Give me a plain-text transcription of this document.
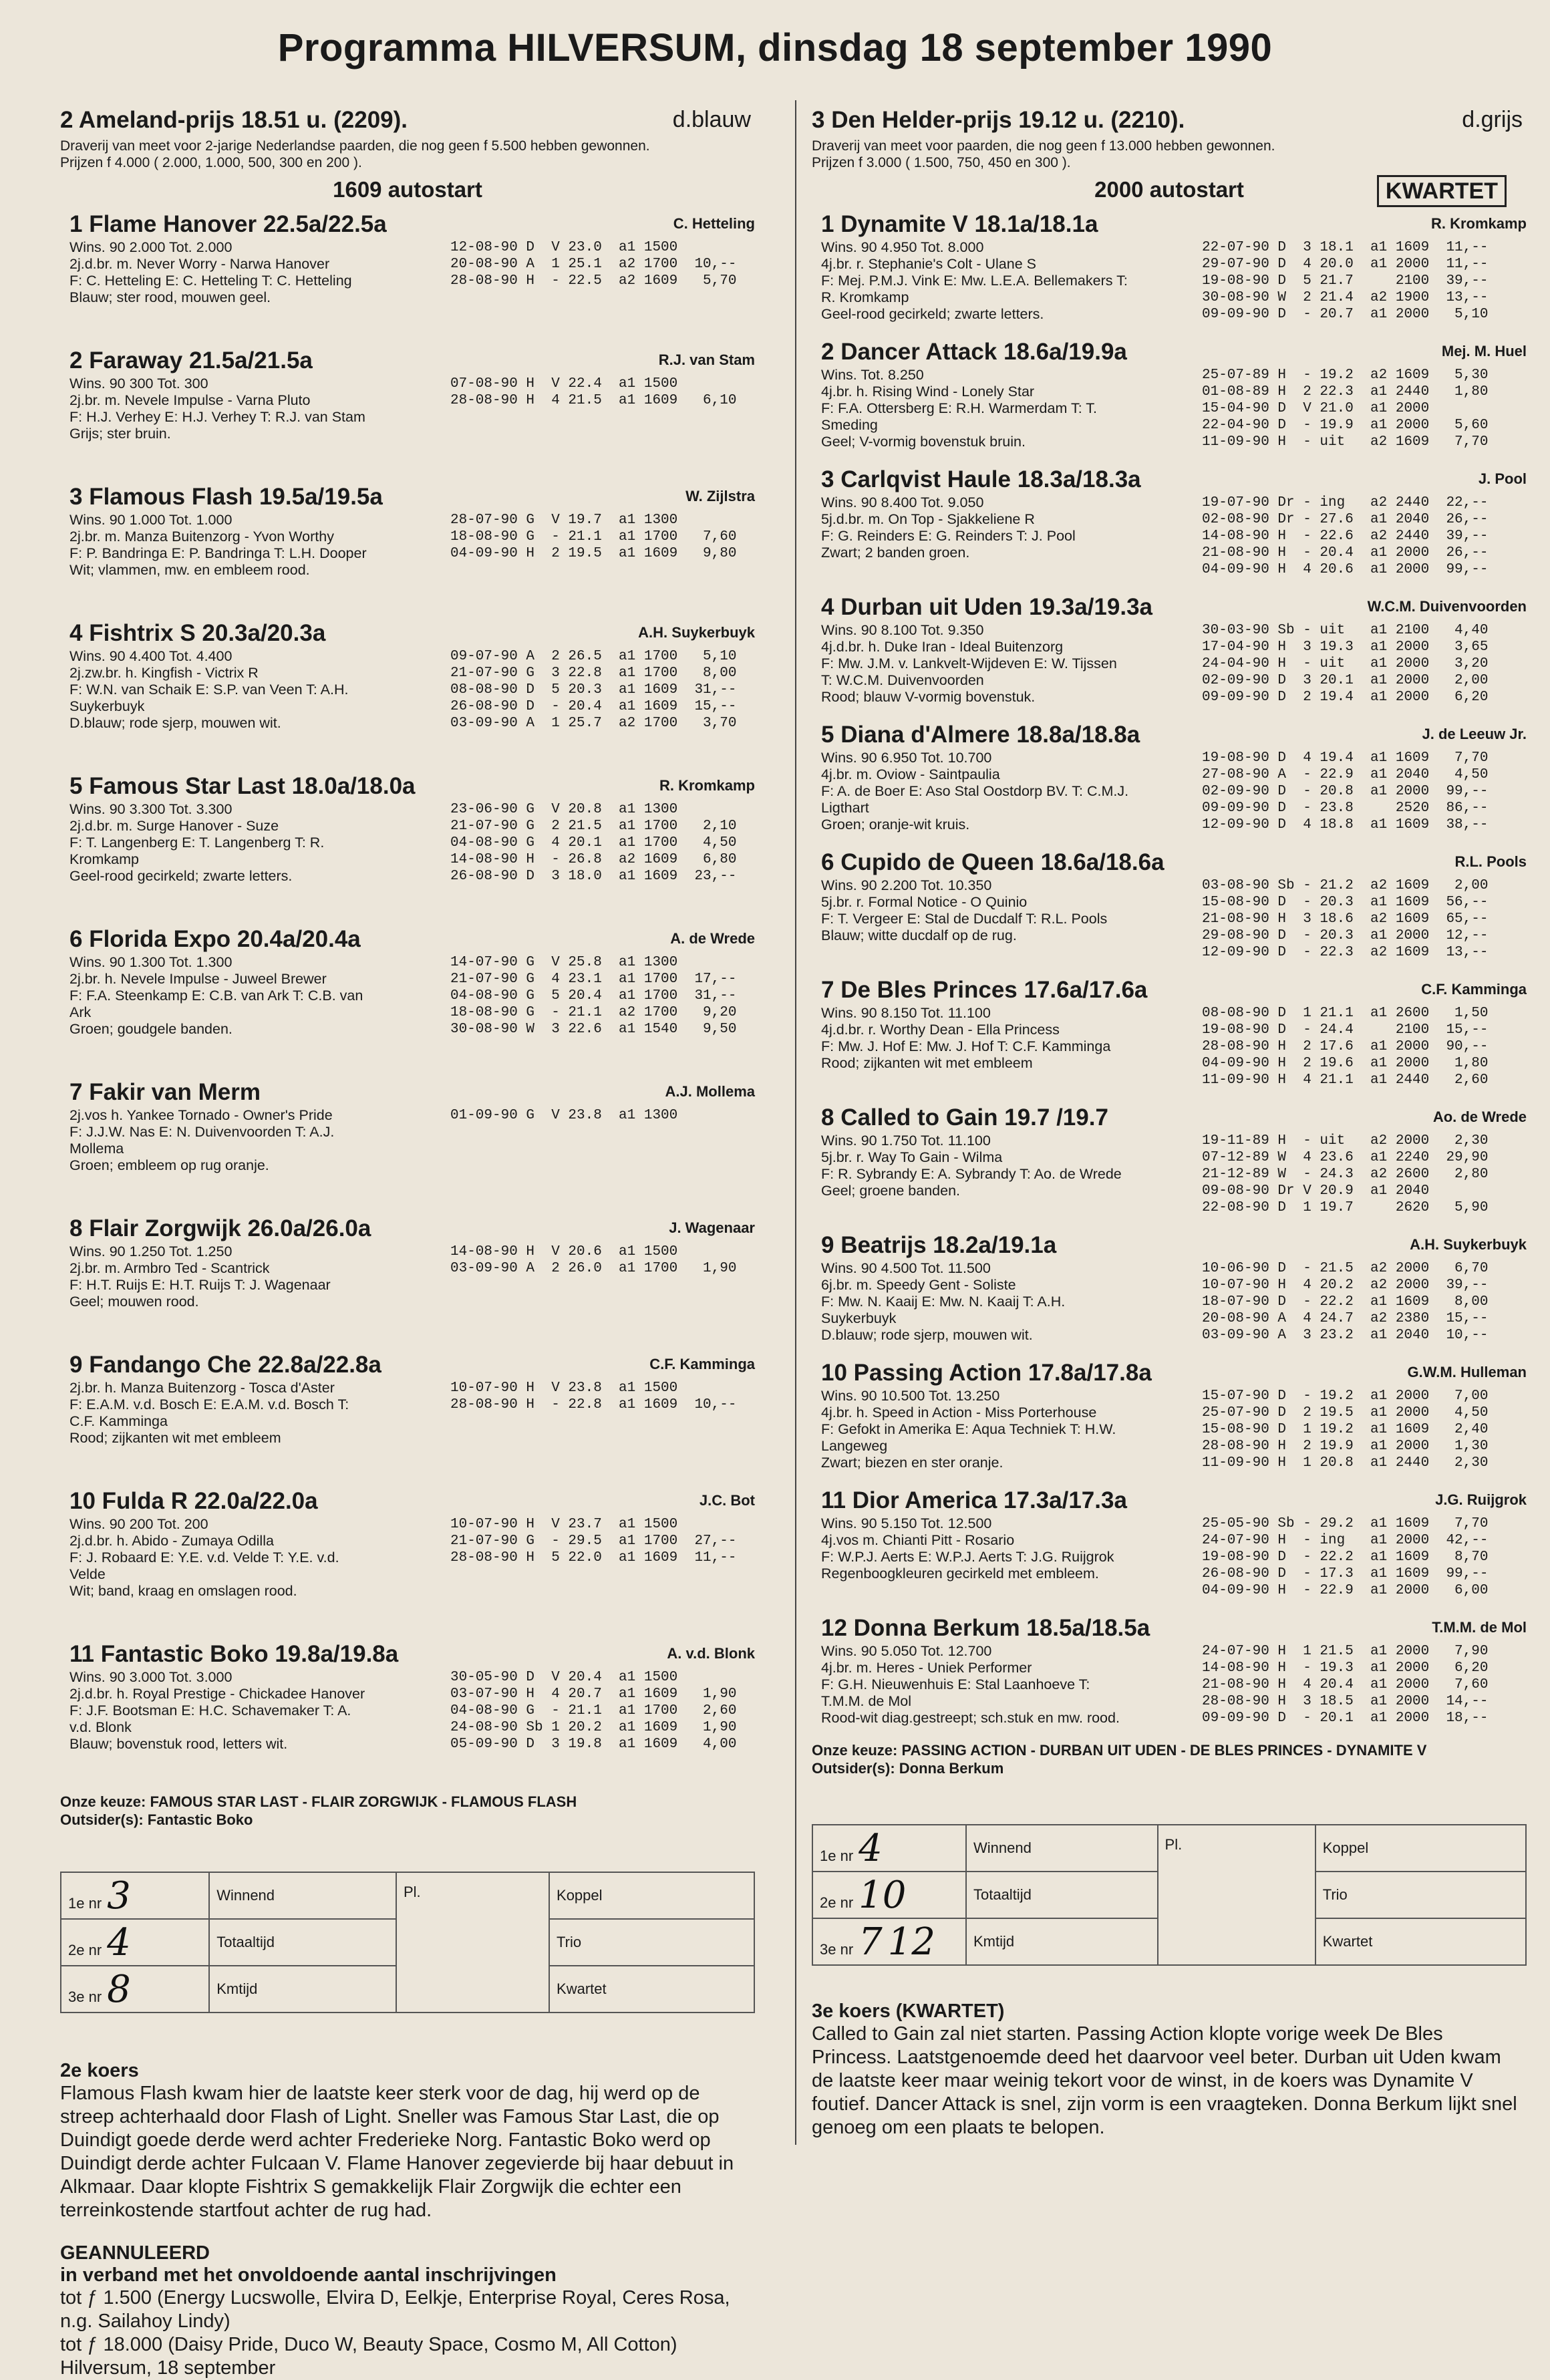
Programma HILVERSUM, dinsdag 18 september 1990
2 Ameland-prijs 18.51 u. (2209).	d.blauw
Draverij van meet voor 2-jarige Nederlandse paarden, die nog geen f 5.500 hebben gewonnen.
Prijzen f 4.000 ( 2.000, 1.000, 500, 300 en 200 ).
1609 autostart
1 Flame Hanover 22.5a/22.5a	C. Hetteling
Wins. 90 2.000 Tot. 2.000
2j.d.br. m. Never Worry - Narwa Hanover
F: C. Hetteling E: C. Hetteling T: C. Hetteling
Blauw; ster rood, mouwen geel.
12-08-90 D  V 23.0  a1 1500
20-08-90 A  1 25.1  a2 1700  10,--
28-08-90 H  - 22.5  a2 1609   5,70
2 Faraway 21.5a/21.5a	R.J. van Stam
Wins. 90 300 Tot. 300
2j.br. m. Nevele Impulse - Varna Pluto
F: H.J. Verhey E: H.J. Verhey T: R.J. van Stam
Grijs; ster bruin.
07-08-90 H  V 22.4  a1 1500
28-08-90 H  4 21.5  a1 1609   6,10
3 Flamous Flash 19.5a/19.5a	W. Zijlstra
Wins. 90 1.000 Tot. 1.000
2j.br. m. Manza Buitenzorg - Yvon Worthy
F: P. Bandringa E: P. Bandringa T: L.H. Dooper
Wit; vlammen, mw. en embleem rood.
28-07-90 G  V 19.7  a1 1300
18-08-90 G  - 21.1  a1 1700   7,60
04-09-90 H  2 19.5  a1 1609   9,80
4 Fishtrix S 20.3a/20.3a	A.H. Suykerbuyk
Wins. 90 4.400 Tot. 4.400
2j.zw.br. h. Kingfish - Victrix R
F: W.N. van Schaik E: S.P. van Veen T: A.H.
Suykerbuyk
D.blauw; rode sjerp, mouwen wit.
09-07-90 A  2 26.5  a1 1700   5,10
21-07-90 G  3 22.8  a1 1700   8,00
08-08-90 D  5 20.3  a1 1609  31,--
26-08-90 D  - 20.4  a1 1609  15,--
03-09-90 A  1 25.7  a2 1700   3,70
5 Famous Star Last 18.0a/18.0a	R. Kromkamp
Wins. 90 3.300 Tot. 3.300
2j.d.br. m. Surge Hanover - Suze
F: T. Langenberg E: T. Langenberg T: R.
Kromkamp
Geel-rood gecirkeld; zwarte letters.
23-06-90 G  V 20.8  a1 1300
21-07-90 G  2 21.5  a1 1700   2,10
04-08-90 G  4 20.1  a1 1700   4,50
14-08-90 H  - 26.8  a2 1609   6,80
26-08-90 D  3 18.0  a1 1609  23,--
6 Florida Expo 20.4a/20.4a	A. de Wrede
Wins. 90 1.300 Tot. 1.300
2j.br. h. Nevele Impulse - Juweel Brewer
F: F.A. Steenkamp E: C.B. van Ark T: C.B. van
Ark
Groen; goudgele banden.
14-07-90 G  V 25.8  a1 1300
21-07-90 G  4 23.1  a1 1700  17,--
04-08-90 G  5 20.4  a1 1700  31,--
18-08-90 G  - 21.1  a2 1700   9,20
30-08-90 W  3 22.6  a1 1540   9,50
7 Fakir van Merm	A.J. Mollema
2j.vos h. Yankee Tornado - Owner's Pride
F: J.J.W. Nas E: N. Duivenvoorden T: A.J.
Mollema
Groen; embleem op rug oranje.
01-09-90 G  V 23.8  a1 1300
8 Flair Zorgwijk 26.0a/26.0a	J. Wagenaar
Wins. 90 1.250 Tot. 1.250
2j.br. m. Armbro Ted - Scantrick
F: H.T. Ruijs E: H.T. Ruijs T: J. Wagenaar
Geel; mouwen rood.
14-08-90 H  V 20.6  a1 1500
03-09-90 A  2 26.0  a1 1700   1,90
9 Fandango Che 22.8a/22.8a	C.F. Kamminga
2j.br. h. Manza Buitenzorg - Tosca d'Aster
F: E.A.M. v.d. Bosch E: E.A.M. v.d. Bosch T:
C.F. Kamminga
Rood; zijkanten wit met embleem
10-07-90 H  V 23.8  a1 1500
28-08-90 H  - 22.8  a1 1609  10,--
10 Fulda R 22.0a/22.0a	J.C. Bot
Wins. 90 200 Tot. 200
2j.d.br. h. Abido - Zumaya Odilla
F: J. Robaard E: Y.E. v.d. Velde T: Y.E. v.d.
Velde
Wit; band, kraag en omslagen rood.
10-07-90 H  V 23.7  a1 1500
21-07-90 G  - 29.5  a1 1700  27,--
28-08-90 H  5 22.0  a1 1609  11,--
11 Fantastic Boko 19.8a/19.8a	A. v.d. Blonk
Wins. 90 3.000 Tot. 3.000
2j.d.br. h. Royal Prestige - Chickadee Hanover
F: J.F. Bootsman E: H.C. Schavemaker T: A.
v.d. Blonk
Blauw; bovenstuk rood, letters wit.
30-05-90 D  V 20.4  a1 1500
03-07-90 H  4 20.7  a1 1609   1,90
04-08-90 G  - 21.1  a1 1700   2,60
24-08-90 Sb 1 20.2  a1 1609   1,90
05-09-90 D  3 19.8  a1 1609   4,00
Onze keuze: FAMOUS STAR LAST - FLAIR ZORGWIJK - FLAMOUS FLASH
Outsider(s): Fantastic Boko
1e nr 3	Winnend	Pl.	Koppel
2e nr 4	Totaaltijd		Trio
3e nr 8	Kmtijd		Kwartet
2e koers
Flamous Flash kwam hier de laatste keer sterk voor de dag, hij werd op de streep achterhaald door Flash of Light. Sneller was Famous Star Last, die op Duindigt goede derde werd achter Frederieke Norg. Fantastic Boko werd op Duindigt derde achter Fulcaan V. Flame Hanover zegevierde bij haar debuut in Alkmaar. Daar klopte Fishtrix S gemakkelijk Flair Zorgwijk die echter een terreinkostende startfout achter de rug had.
GEANNULEERD
in verband met het onvoldoende aantal inschrijvingen
tot ƒ 1.500 (Energy Lucswolle, Elvira D, Eelkje, Enterprise Royal, Ceres Rosa, n.g. Sailahoy Lindy)
tot ƒ 18.000 (Daisy Pride, Duco W, Beauty Space, Cosmo M, All Cotton)
Hilversum, 18 september
3 Den Helder-prijs 19.12 u. (2210).	d.grijs
Draverij van meet voor paarden, die nog geen f 13.000 hebben gewonnen.
Prijzen f 3.000 ( 1.500, 750, 450 en 300 ).
2000 autostart	KWARTET
1 Dynamite V 18.1a/18.1a	R. Kromkamp
Wins. 90 4.950 Tot. 8.000
4j.br. r. Stephanie's Colt - Ulane S
F: Mej. P.M.J. Vink E: Mw. L.E.A. Bellemakers T:
R. Kromkamp
Geel-rood gecirkeld; zwarte letters.
22-07-90 D  3 18.1  a1 1609  11,--
29-07-90 D  4 20.0  a1 2000  11,--
19-08-90 D  5 21.7     2100  39,--
30-08-90 W  2 21.4  a2 1900  13,--
09-09-90 D  - 20.7  a1 2000   5,10
2 Dancer Attack 18.6a/19.9a	Mej. M. Huel
Wins. Tot. 8.250
4j.br. h. Rising Wind - Lonely Star
F: F.A. Ottersberg E: R.H. Warmerdam T: T.
Smeding
Geel; V-vormig bovenstuk bruin.
25-07-89 H  - 19.2  a2 1609   5,30
01-08-89 H  2 22.3  a1 2440   1,80
15-04-90 D  V 21.0  a1 2000
22-04-90 D  - 19.9  a1 2000   5,60
11-09-90 H  - uit   a2 1609   7,70
3 Carlqvist Haule 18.3a/18.3a	J. Pool
Wins. 90 8.400 Tot. 9.050
5j.d.br. m. On Top - Sjakkeliene R
F: G. Reinders E: G. Reinders T: J. Pool
Zwart; 2 banden groen.
19-07-90 Dr - ing   a2 2440  22,--
02-08-90 Dr - 27.6  a1 2040  26,--
14-08-90 H  - 22.6  a2 2440  39,--
21-08-90 H  - 20.4  a1 2000  26,--
04-09-90 H  4 20.6  a1 2000  99,--
4 Durban uit Uden 19.3a/19.3a	W.C.M. Duivenvoorden
Wins. 90 8.100 Tot. 9.350
4j.d.br. h. Duke Iran - Ideal Buitenzorg
F: Mw. J.M. v. Lankvelt-Wijdeven E: W. Tijssen
T: W.C.M. Duivenvoorden
Rood; blauw V-vormig bovenstuk.
30-03-90 Sb - uit   a1 2100   4,40
17-04-90 H  3 19.3  a1 2000   3,65
24-04-90 H  - uit   a1 2000   3,20
02-09-90 D  3 20.1  a1 2000   2,00
09-09-90 D  2 19.4  a1 2000   6,20
5 Diana d'Almere 18.8a/18.8a	J. de Leeuw Jr.
Wins. 90 6.950 Tot. 10.700
4j.br. m. Oviow - Saintpaulia
F: A. de Boer E: Aso Stal Oostdorp BV. T: C.M.J.
Ligthart
Groen; oranje-wit kruis.
19-08-90 D  4 19.4  a1 1609   7,70
27-08-90 A  - 22.9  a1 2040   4,50
02-09-90 D  - 20.8  a1 2000  99,--
09-09-90 D  - 23.8     2520  86,--
12-09-90 D  4 18.8  a1 1609  38,--
6 Cupido de Queen 18.6a/18.6a	R.L. Pools
Wins. 90 2.200 Tot. 10.350
5j.br. r. Formal Notice - O Quinio
F: T. Vergeer E: Stal de Ducdalf T: R.L. Pools
Blauw; witte ducdalf op de rug.
03-08-90 Sb - 21.2  a2 1609   2,00
15-08-90 D  - 20.3  a1 1609  56,--
21-08-90 H  3 18.6  a2 1609  65,--
29-08-90 D  - 20.3  a1 2000  12,--
12-09-90 D  - 22.3  a2 1609  13,--
7 De Bles Princes 17.6a/17.6a	C.F. Kamminga
Wins. 90 8.150 Tot. 11.100
4j.d.br. r. Worthy Dean - Ella Princess
F: Mw. J. Hof E: Mw. J. Hof T: C.F. Kamminga
Rood; zijkanten wit met embleem
08-08-90 D  1 21.1  a1 2600   1,50
19-08-90 D  - 24.4     2100  15,--
28-08-90 H  2 17.6  a1 2000  90,--
04-09-90 H  2 19.6  a1 2000   1,80
11-09-90 H  4 21.1  a1 2440   2,60
8 Called to Gain 19.7 /19.7	Ao. de Wrede
Wins. 90 1.750 Tot. 11.100
5j.br. r. Way To Gain - Wilma
F: R. Sybrandy E: A. Sybrandy T: Ao. de Wrede
Geel; groene banden.
19-11-89 H  - uit   a2 2000   2,30
07-12-89 W  4 23.6  a1 2240  29,90
21-12-89 W  - 24.3  a2 2600   2,80
09-08-90 Dr V 20.9  a1 2040
22-08-90 D  1 19.7     2620   5,90
9 Beatrijs 18.2a/19.1a	A.H. Suykerbuyk
Wins. 90 4.500 Tot. 11.500
6j.br. m. Speedy Gent - Soliste
F: Mw. N. Kaaij E: Mw. N. Kaaij T: A.H.
Suykerbuyk
D.blauw; rode sjerp, mouwen wit.
10-06-90 D  - 21.5  a2 2000   6,70
10-07-90 H  4 20.2  a2 2000  39,--
18-07-90 D  - 22.2  a1 1609   8,00
20-08-90 A  4 24.7  a2 2380  15,--
03-09-90 A  3 23.2  a1 2040  10,--
10 Passing Action 17.8a/17.8a	G.W.M. Hulleman
Wins. 90 10.500 Tot. 13.250
4j.br. h. Speed in Action - Miss Porterhouse
F: Gefokt in Amerika E: Aqua Techniek T: H.W.
Langeweg
Zwart; biezen en ster oranje.
15-07-90 D  - 19.2  a1 2000   7,00
25-07-90 D  2 19.5  a1 2000   4,50
15-08-90 D  1 19.2  a1 1609   2,40
28-08-90 H  2 19.9  a1 2000   1,30
11-09-90 H  1 20.8  a1 2440   2,30
11 Dior America 17.3a/17.3a	J.G. Ruijgrok
Wins. 90 5.150 Tot. 12.500
4j.vos m. Chianti Pitt - Rosario
F: W.P.J. Aerts E: W.P.J. Aerts T: J.G. Ruijgrok
Regenboogkleuren gecirkeld met embleem.
25-05-90 Sb - 29.2  a1 1609   7,70
24-07-90 H  - ing   a1 2000  42,--
19-08-90 D  - 22.2  a1 1609   8,70
26-08-90 D  - 17.3  a1 1609  99,--
04-09-90 H  - 22.9  a1 2000   6,00
12 Donna Berkum 18.5a/18.5a	T.M.M. de Mol
Wins. 90 5.050 Tot. 12.700
4j.br. m. Heres - Uniek Performer
F: G.H. Nieuwenhuis E: Stal Laanhoeve T:
T.M.M. de Mol
Rood-wit diag.gestreept; sch.stuk en mw. rood.
24-07-90 H  1 21.5  a1 2000   7,90
14-08-90 H  - 19.3  a1 2000   6,20
21-08-90 H  4 20.4  a1 2000   7,60
28-08-90 H  3 18.5  a1 2000  14,--
09-09-90 D  - 20.1  a1 2000  18,--
Onze keuze: PASSING ACTION - DURBAN UIT UDEN - DE BLES PRINCES - DYNAMITE V
Outsider(s): Donna Berkum
1e nr 4	Winnend	Pl.	Koppel
2e nr 10	Totaaltijd		Trio
3e nr 7 12	Kmtijd		Kwartet
3e koers (KWARTET)
Called to Gain zal niet starten. Passing Action klopte vorige week De Bles Princess. Laatstgenoemde deed het daarvoor veel beter. Durban uit Uden kwam de laatste keer maar weinig tekort voor de winst, in de koers was Dynamite V foutief. Dancer Attack is snel, zijn vorm is een vraagteken. Donna Berkum lijkt snel genoeg om een plaats te belopen.
